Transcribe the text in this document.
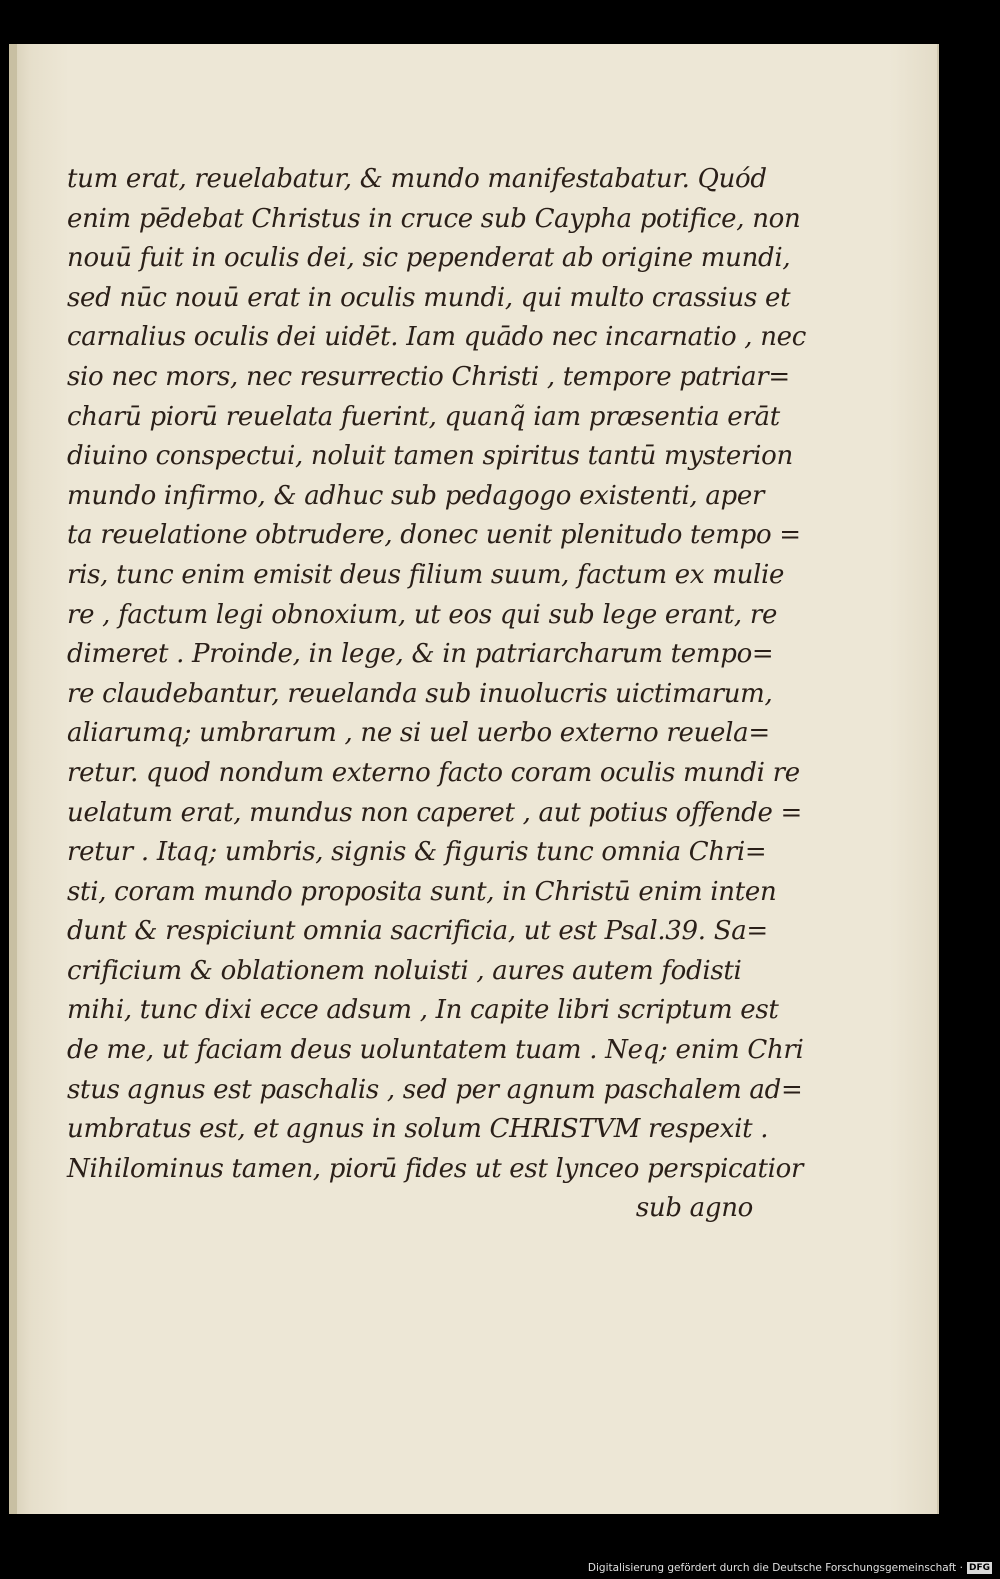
tum erat, reuelabatur, & mundo manifestabatur. Quód
enim pēdebat Christus in cruce sub Caypha potifice, non
nouū fuit in oculis dei, sic pependerat ab origine mundi,
sed nūc nouū erat in oculis mundi, qui multo crassius et
carnalius oculis dei uidēt. Iam quādo nec incarnatio , nec
sio nec mors, nec resurrectio Christi , tempore patriar=
charū piorū reuelata fuerint, quanq̃ iam præsentia erāt
diuino conspectui, noluit tamen spiritus tantū mysterion
mundo infirmo, & adhuc sub pedagogo existenti, aper
ta reuelatione obtrudere, donec uenit plenitudo tempo =
ris, tunc enim emisit deus filium suum, factum ex mulie
re , factum legi obnoxium, ut eos qui sub lege erant, re
dimeret . Proinde, in lege, & in patriarcharum tempo=
re claudebantur, reuelanda sub inuolucris uictimarum,
aliarumq; umbrarum , ne si uel uerbo externo reuela=
retur. quod nondum externo facto coram oculis mundi re
uelatum erat, mundus non caperet , aut potius offende =
retur . Itaq; umbris, signis & figuris tunc omnia Chri=
sti, coram mundo proposita sunt, in Christū enim inten
dunt & respiciunt omnia sacrificia, ut est Psal.39. Sa=
crificium & oblationem noluisti , aures autem fodisti
mihi, tunc dixi ecce adsum , In capite libri scriptum est
de me, ut faciam deus uoluntatem tuam . Neq; enim Chri
stus agnus est paschalis , sed per agnum paschalem ad=
umbratus est, et agnus in solum CHRISTVM respexit .
Nihilominus tamen, piorū fides ut est lynceo perspicatior
sub agno
Digitalisierung gefördert durch die Deutsche Forschungsgemeinschaft · DFG
